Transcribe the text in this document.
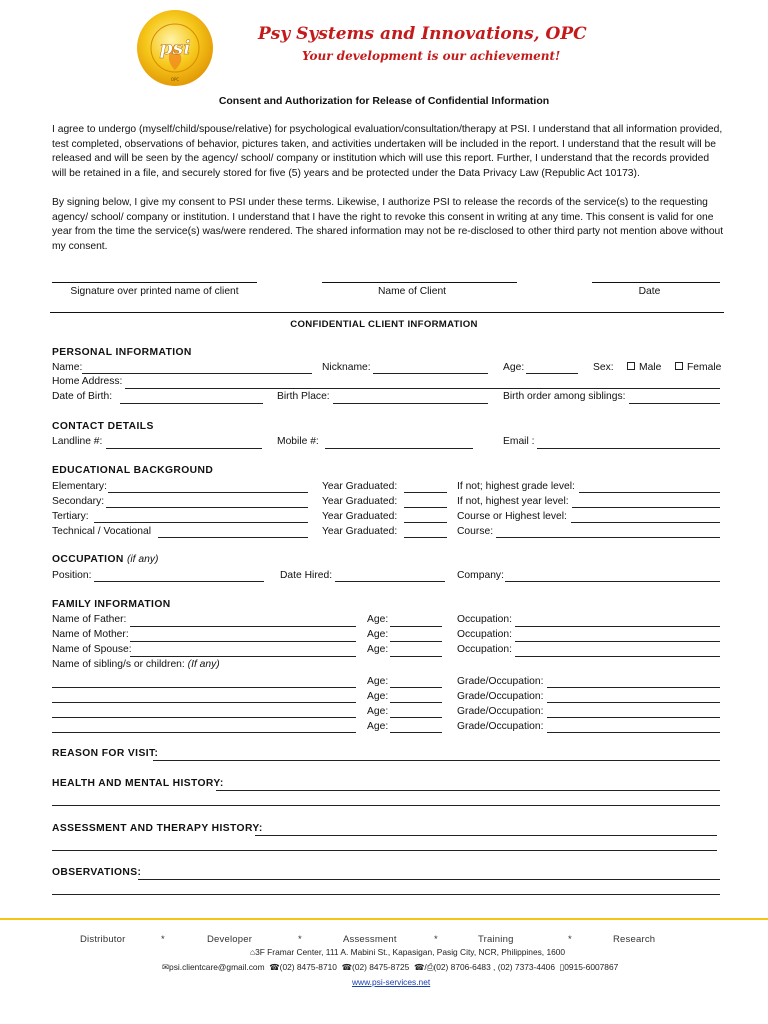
psi
OPC
Psy Systems and Innovations, OPC
Your development is our achievement!
Consent and Authorization for Release of Confidential Information
I agree to undergo (myself/child/spouse/relative) for psychological evaluation/consultation/therapy at PSI. I understand that all information provided, test completed, observations of behavior, pictures taken, and activities undertaken will be included in the report. I understand that the result will be released and will be seen by the agency/ school/ company or institution which will use this report. Further, I understand that the records provided will be retained in a file, and securely stored for five (5) years and be protected under the Data Privacy Law (Republic Act 10173).
By signing below, I give my consent to PSI under these terms. Likewise, I authorize PSI to release the records of the service(s) to the requesting agency/ school/ company or institution. I understand that I have the right to revoke this consent in writing at any time. This consent is valid for one year from the time the service(s) was/were rendered. The shared information may not be re-disclosed to other third party not mention above without my consent.
Signature over printed name of client	Name of Client	Date
CONFIDENTIAL CLIENT INFORMATION
PERSONAL INFORMATION
Name:	Nickname:	Age:	Sex:	Male	Female
Home Address:
Date of Birth:	Birth Place:	Birth order among siblings:
CONTACT DETAILS
Landline #:	Mobile #:	Email :
EDUCATIONAL BACKGROUND
Elementary:	Year Graduated:	If not; highest grade level:
Secondary:	Year Graduated:	If not, highest year level:
Tertiary:	Year Graduated:	Course or Highest level:
Technical / Vocational	Year Graduated:	Course:
OCCUPATION (if any)
Position:	Date Hired:	Company:
FAMILY INFORMATION
Name of Father:	Age:	Occupation:
Name of Mother:	Age:	Occupation:
Name of Spouse:	Age:	Occupation:
Name of sibling/s or children: (If any)
Age:	Grade/Occupation:
Age:	Grade/Occupation:
Age:	Grade/Occupation:
Age:	Grade/Occupation:
REASON FOR VISIT:
HEALTH AND MENTAL HISTORY:
ASSESSMENT AND THERAPY HISTORY:
OBSERVATIONS:
Distributor	*	Developer	*	Assessment	*	Training	*	Research
⌂3F Framar Center, 111 A. Mabini St., Kapasigan, Pasig City, NCR, Philippines, 1600
✉psi.clientcare@gmail.com ☎(02) 8475-8710 ☎(02) 8475-8725 ☎/⎙(02) 8706-6483 , (02) 7373-4406 ▯0915-6007867
www.psi-services.net
